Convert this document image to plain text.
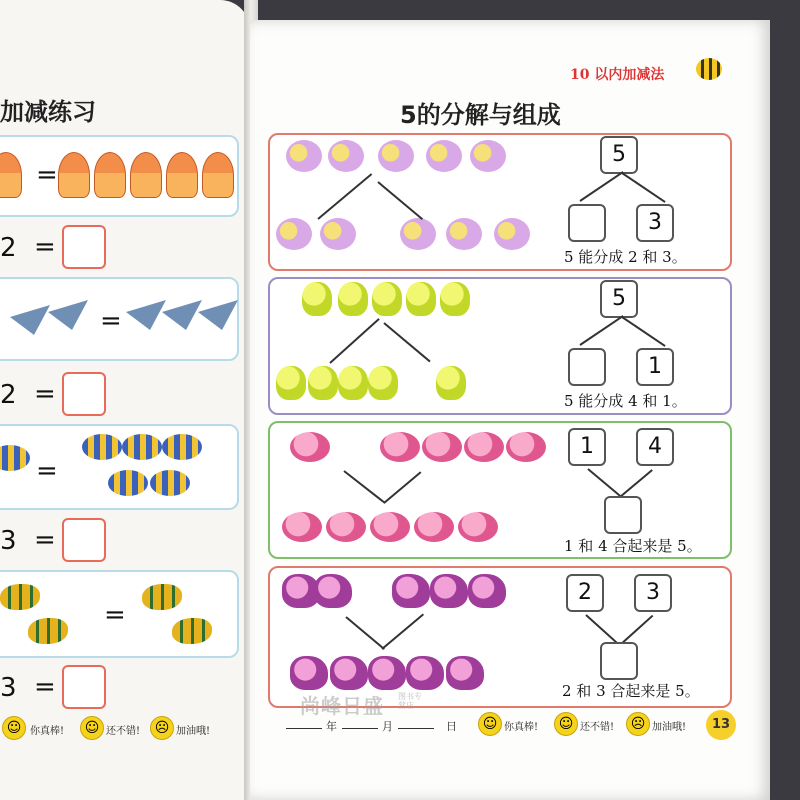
加减练习
=
2 =
=
2 =
=
3 =
=
3 =
☺ 你真棒!	☺ 还不错!	☹ 加油哦!
10 以内加减法
5的分解与组成
5
3
5 能分成 2 和 3。
5
1
5 能分成 4 和 1。
1	4
1 和 4 合起来是 5。
2	3
2 和 3 合起来是 5。
年	月	日	☺ 你真棒!	☺ 还不错!	☹ 加油哦!	13
尚峰日盛 图书专营店
